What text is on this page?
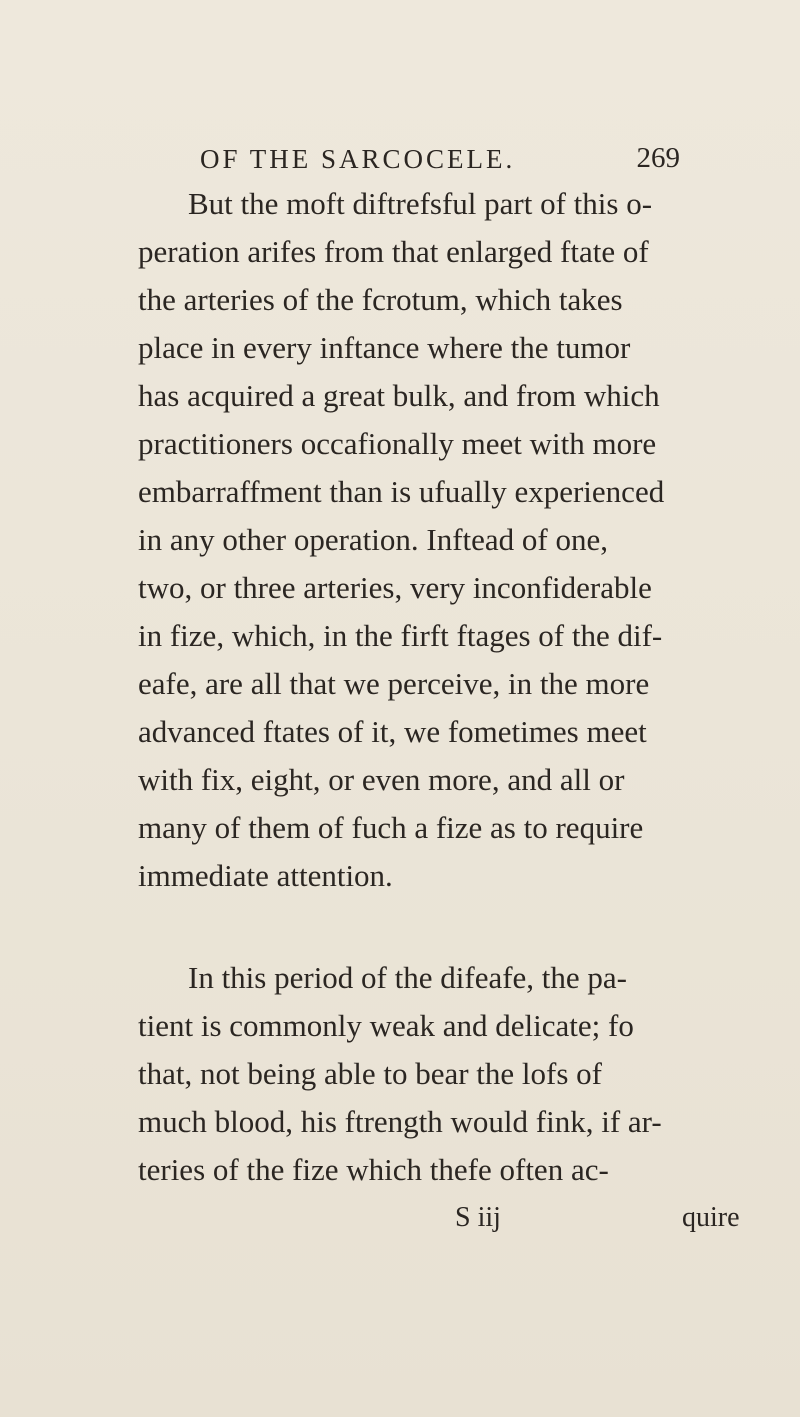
OF THE SARCOCELE.	269
But the moft diftrefsful part of this o-
peration arifes from that enlarged ftate of
the arteries of the fcrotum, which takes
place in every inftance where the tumor
has acquired a great bulk, and from which
practitioners occafionally meet with more
embarraffment than is ufually experienced
in any other operation. Inftead of one,
two, or three arteries, very inconfiderable
in fize, which, in the firft ftages of the dif-
eafe, are all that we perceive, in the more
advanced ftates of it, we fometimes meet
with fix, eight, or even more, and all or
many of them of fuch a fize as to require
immediate attention.
In this period of the difeafe, the pa-
tient is commonly weak and delicate; fo
that, not being able to bear the lofs of
much blood, his ftrength would fink, if ar-
teries of the fize which thefe often ac-
S iij	quire
